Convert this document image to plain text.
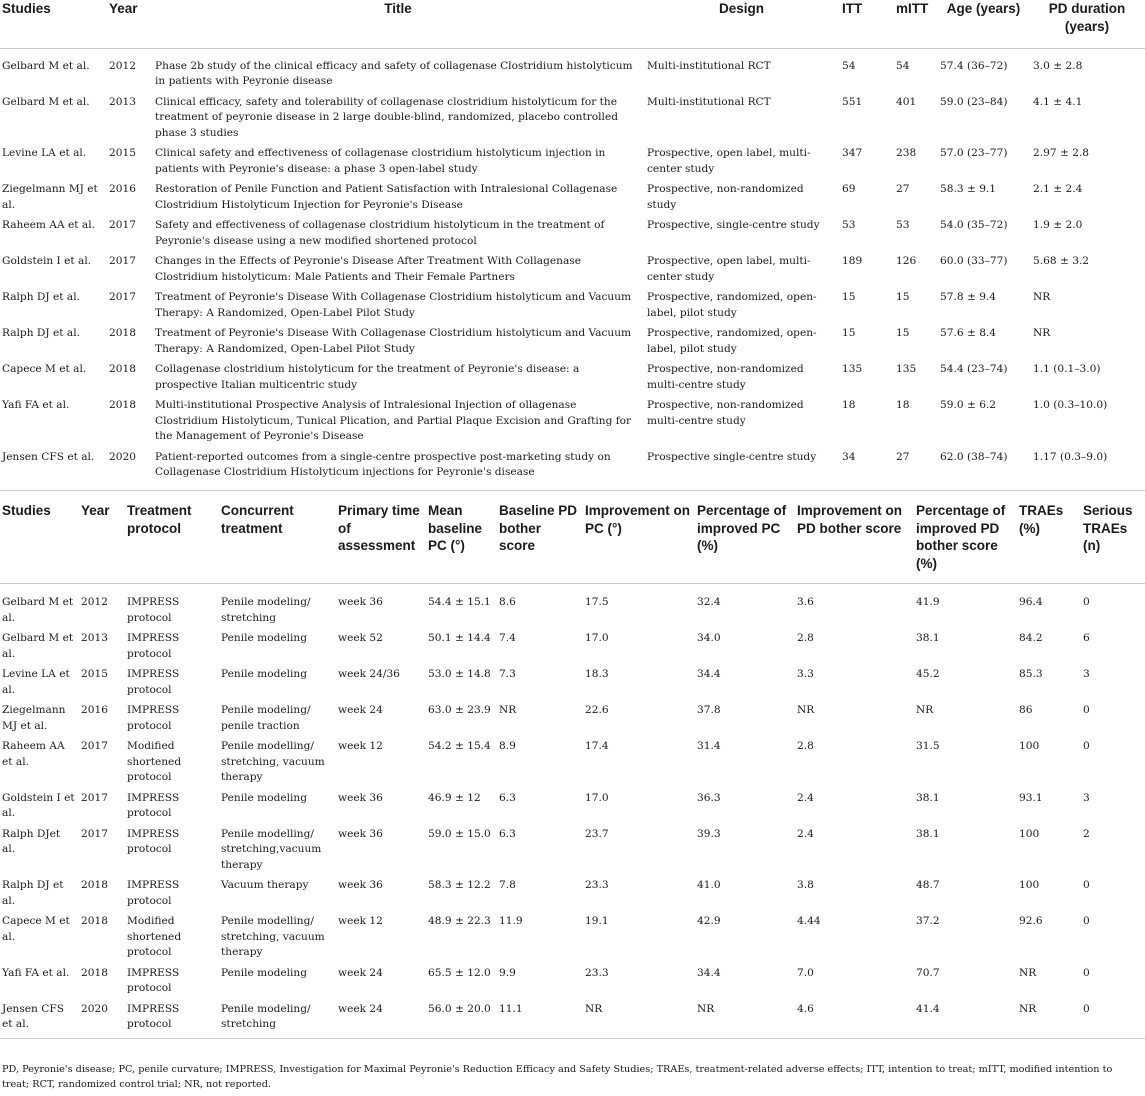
Studies	Year	Title	Design	ITT	mITT	Age (years)	PD duration (years)
Gelbard M et al.	2012	Phase 2b study of the clinical efficacy and safety of collagenase Clostridium histolyticum in patients with Peyronie disease	Multi-institutional RCT	54	54	57.4 (36–72)	3.0 ± 2.8
Gelbard M et al.	2013	Clinical efficacy, safety and tolerability of collagenase clostridium histolyticum for the treatment of peyronie disease in 2 large double-blind, randomized, placebo controlled phase 3 studies	Multi-institutional RCT	551	401	59.0 (23–84)	4.1 ± 4.1
Levine LA et al.	2015	Clinical safety and effectiveness of collagenase clostridium histolyticum injection in patients with Peyronie's disease: a phase 3 open-label study	Prospective, open label, multi-center study	347	238	57.0 (23–77)	2.97 ± 2.8
Ziegelmann MJ et al.	2016	Restoration of Penile Function and Patient Satisfaction with Intralesional Collagenase Clostridium Histolyticum Injection for Peyronie's Disease	Prospective, non-randomized study	69	27	58.3 ± 9.1	2.1 ± 2.4
Raheem AA et al.	2017	Safety and effectiveness of collagenase clostridium histolyticum in the treatment of Peyronie's disease using a new modified shortened protocol	Prospective, single-centre study	53	53	54.0 (35–72)	1.9 ± 2.0
Goldstein I et al.	2017	Changes in the Effects of Peyronie's Disease After Treatment With Collagenase Clostridium histolyticum: Male Patients and Their Female Partners	Prospective, open label, multi-center study	189	126	60.0 (33–77)	5.68 ± 3.2
Ralph DJ et al.	2017	Treatment of Peyronie's Disease With Collagenase Clostridium histolyticum and Vacuum Therapy: A Randomized, Open-Label Pilot Study	Prospective, randomized, open-label, pilot study	15	15	57.8 ± 9.4	NR
Ralph DJ et al.	2018	Treatment of Peyronie's Disease With Collagenase Clostridium histolyticum and Vacuum Therapy: A Randomized, Open-Label Pilot Study	Prospective, randomized, open-label, pilot study	15	15	57.6 ± 8.4	NR
Capece M et al.	2018	Collagenase clostridium histolyticum for the treatment of Peyronie's disease: a prospective Italian multicentric study	Prospective, non-randomized multi-centre study	135	135	54.4 (23–74)	1.1 (0.1–3.0)
Yafi FA et al.	2018	Multi-institutional Prospective Analysis of Intralesional Injection of ollagenase Clostridium Histolyticum, Tunical Plication, and Partial Plaque Excision and Grafting for the Management of Peyronie's Disease	Prospective, non-randomized multi-centre study	18	18	59.0 ± 6.2	1.0 (0.3–10.0)
Jensen CFS et al.	2020	Patient-reported outcomes from a single-centre prospective post-marketing study on Collagenase Clostridium Histolyticum injections for Peyronie's disease	Prospective single-centre study	34	27	62.0 (38–74)	1.17 (0.3–9.0)
Studies	Year	Treatment protocol	Concurrent treatment	Primary time of assessment	Mean baseline PC (°)	Baseline PD bother score	Improvement on PC (°)	Percentage of improved PC (%)	Improvement on PD bother score	Percentage of improved PD bother score (%)	TRAEs (%)	Serious TRAEs (n)
Gelbard M et al.	2012	IMPRESS protocol	Penile modeling/ stretching	week 36	54.4 ± 15.1	8.6	17.5	32.4	3.6	41.9	96.4	0
Gelbard M et al.	2013	IMPRESS protocol	Penile modeling	week 52	50.1 ± 14.4	7.4	17.0	34.0	2.8	38.1	84.2	6
Levine LA et al.	2015	IMPRESS protocol	Penile modeling	week 24/36	53.0 ± 14.8	7.3	18.3	34.4	3.3	45.2	85.3	3
Ziegelmann MJ et al.	2016	IMPRESS protocol	Penile modeling/ penile traction	week 24	63.0 ± 23.9	NR	22.6	37.8	NR	NR	86	0
Raheem AA et al.	2017	Modified shortened protocol	Penile modelling/ stretching, vacuum therapy	week 12	54.2 ± 15.4	8.9	17.4	31.4	2.8	31.5	100	0
Goldstein I et al.	2017	IMPRESS protocol	Penile modeling	week 36	46.9 ± 12	6.3	17.0	36.3	2.4	38.1	93.1	3
Ralph DJet al.	2017	IMPRESS protocol	Penile modelling/ stretching,vacuum therapy	week 36	59.0 ± 15.0	6.3	23.7	39.3	2.4	38.1	100	2
Ralph DJ et al.	2018	IMPRESS protocol	Vacuum therapy	week 36	58.3 ± 12.2	7.8	23.3	41.0	3.8	48.7	100	0
Capece M et al.	2018	Modified shortened protocol	Penile modelling/ stretching, vacuum therapy	week 12	48.9 ± 22.3	11.9	19.1	42.9	4.44	37.2	92.6	0
Yafi FA et al.	2018	IMPRESS protocol	Penile modeling	week 24	65.5 ± 12.0	9.9	23.3	34.4	7.0	70.7	NR	0
Jensen CFS et al.	2020	IMPRESS protocol	Penile modeling/ stretching	week 24	56.0 ± 20.0	11.1	NR	NR	4.6	41.4	NR	0
PD, Peyronie's disease; PC, penile curvature; IMPRESS, Investigation for Maximal Peyronie's Reduction Efficacy and Safety Studies; TRAEs, treatment-related adverse effects; ITT, intention to treat; mITT, modified intention to treat; RCT, randomized control trial; NR, not reported.
